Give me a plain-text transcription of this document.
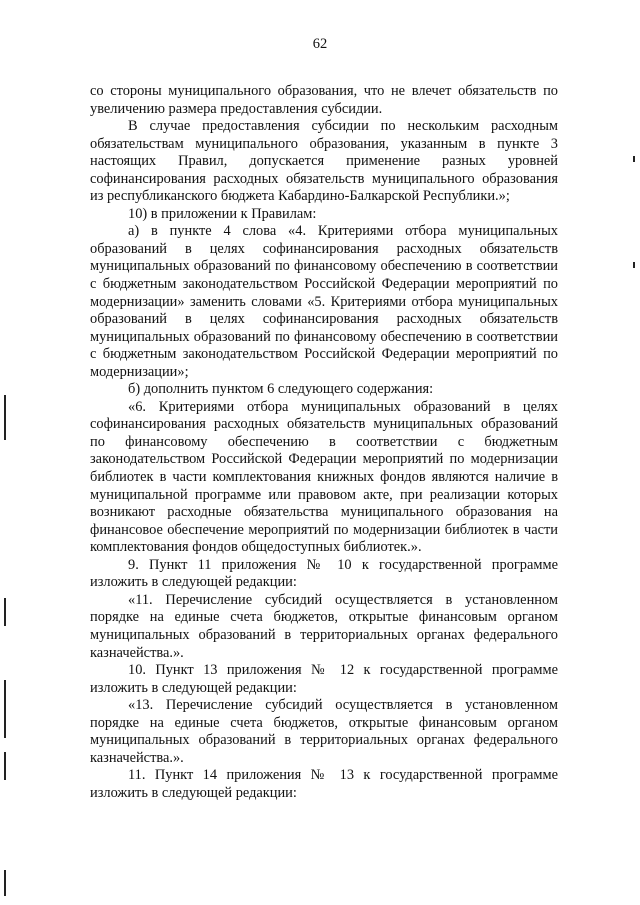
62

со стороны муниципального образования, что не влечет обязательств по увеличению размера предоставления субсидии.

В случае предоставления субсидии по нескольким расходным обязательствам муниципального образования, указанным в пункте 3 настоящих Правил, допускается применение разных уровней софинансирования расходных обязательств муниципального образования из республиканского бюджета Кабардино-Балкарской Республики.»;

10) в приложении к Правилам:

а) в пункте 4 слова «4. Критериями отбора муниципальных образований в целях софинансирования расходных обязательств муниципальных образований по финансовому обеспечению в соответствии с бюджетным законодательством Российской Федерации мероприятий по модернизации» заменить словами «5. Критериями отбора муниципальных образований в целях софинансирования расходных обязательств муниципальных образований по финансовому обеспечению в соответствии с бюджетным законодательством Российской Федерации мероприятий по модернизации»;

б) дополнить пунктом 6 следующего содержания:

«6. Критериями отбора муниципальных образований в целях софинансирования расходных обязательств муниципальных образований по финансовому обеспечению в соответствии с бюджетным законодательством Российской Федерации мероприятий по модернизации библиотек в части комплектования книжных фондов являются наличие в муниципальной программе или правовом акте, при реализации которых возникают расходные обязательства муниципального образования на финансовое обеспечение мероприятий по модернизации библиотек в части комплектования фондов общедоступных библиотек.».

9. Пункт 11 приложения № 10 к государственной программе изложить в следующей редакции:

«11. Перечисление субсидий осуществляется в установленном порядке на единые счета бюджетов, открытые финансовым органом муниципальных образований в территориальных органах федерального казначейства.».

10. Пункт 13 приложения № 12 к государственной программе изложить в следующей редакции:

«13. Перечисление субсидий осуществляется в установленном порядке на единые счета бюджетов, открытые финансовым органом муниципальных образований в территориальных органах федерального казначейства.».

11. Пункт 14 приложения № 13 к государственной программе изложить в следующей редакции:
